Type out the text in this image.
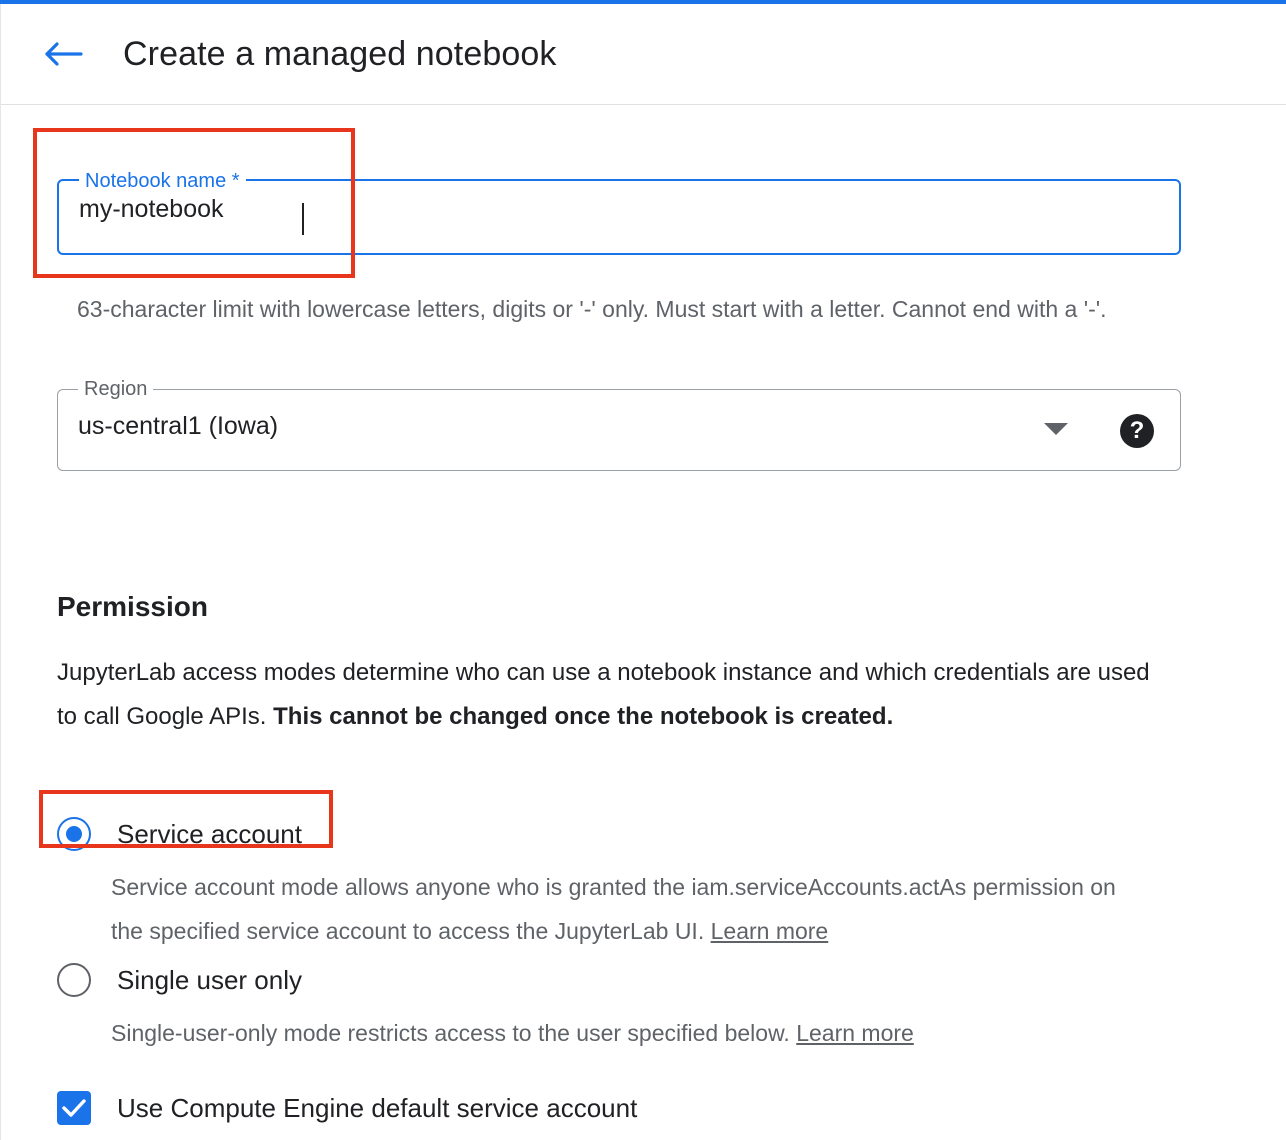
Create a managed notebook
Notebook name *
my-notebook
63-character limit with lowercase letters, digits or '-' only. Must start with a letter. Cannot end with a '-'.
Region
us-central1 (Iowa)	?
Permission
JupyterLab access modes determine who can use a notebook instance and which credentials are used to call Google APIs. This cannot be changed once the notebook is created.
Service account
Service account mode allows anyone who is granted the iam.serviceAccounts.actAs permission on the specified service account to access the JupyterLab UI. Learn more
Single user only
Single-user-only mode restricts access to the user specified below. Learn more
Use Compute Engine default service account
